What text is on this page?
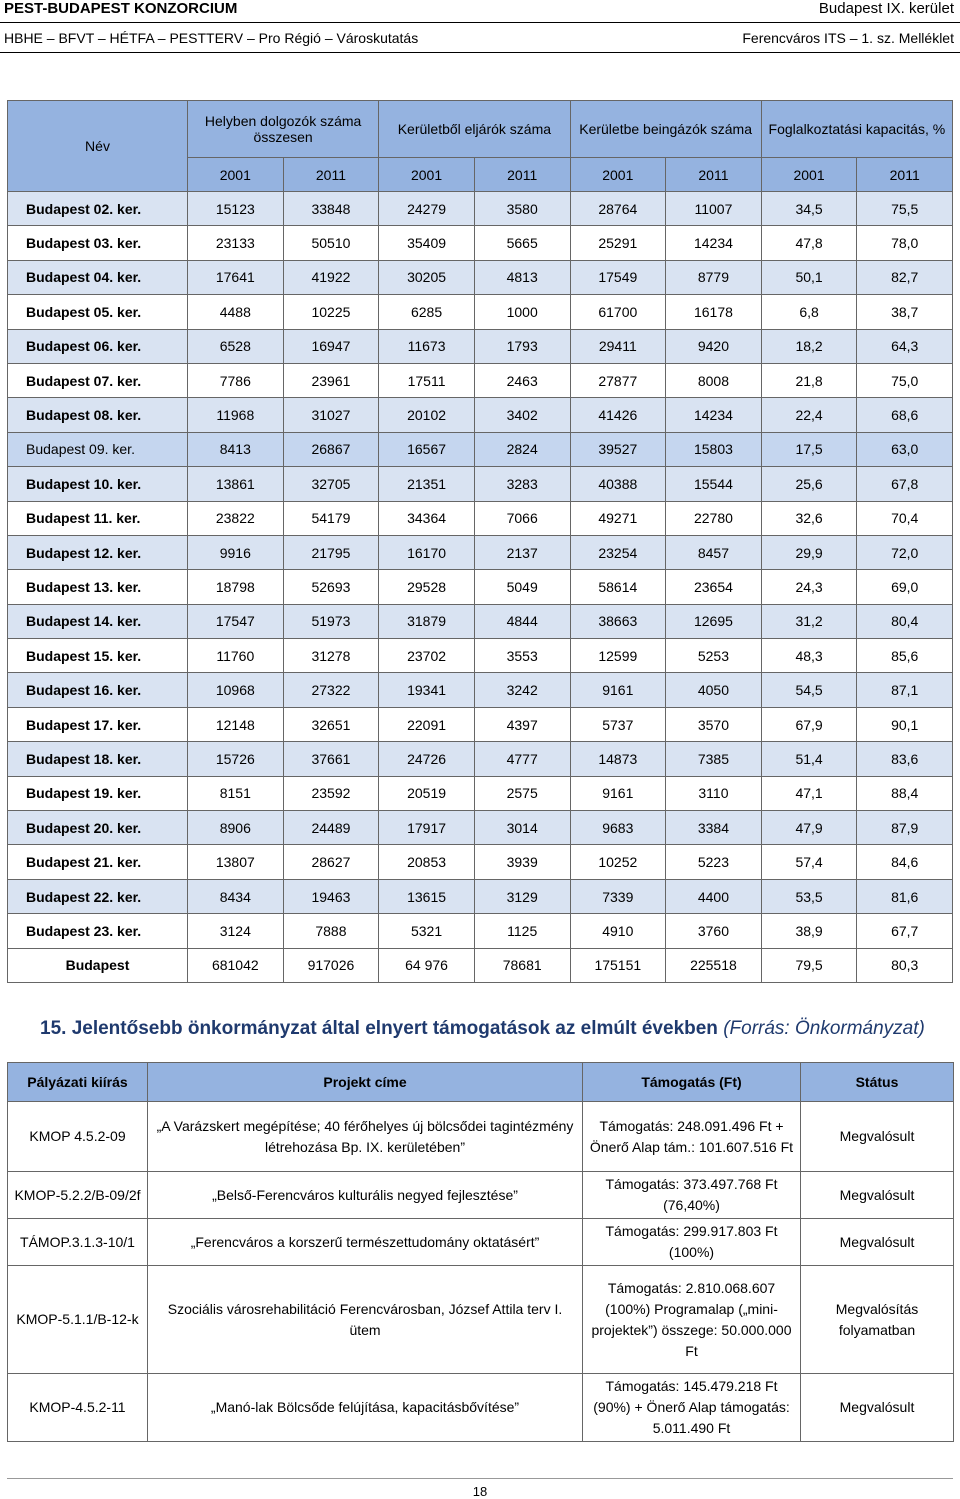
PEST-BUDAPEST KONZORCIUM
HBHE – BFVT – HÉTFA – PESTTERV – Pro Régió – Városkutatás
Budapest IX. kerület
Ferencváros ITS – 1. sz. Melléklet
Név	Helyben dolgozók száma összesen		Kerületből eljárók száma		Kerületbe beingázók száma		Foglalkoztatási kapacitás, %	
	2001	2011	2001	2011	2001	2011	2001	2011
Budapest 02. ker.	15123	33848	24279	3580	28764	11007	34,5	75,5
Budapest 03. ker.	23133	50510	35409	5665	25291	14234	47,8	78,0
Budapest 04. ker.	17641	41922	30205	4813	17549	8779	50,1	82,7
Budapest 05. ker.	4488	10225	6285	1000	61700	16178	6,8	38,7
Budapest 06. ker.	6528	16947	11673	1793	29411	9420	18,2	64,3
Budapest 07. ker.	7786	23961	17511	2463	27877	8008	21,8	75,0
Budapest 08. ker.	11968	31027	20102	3402	41426	14234	22,4	68,6
Budapest 09. ker.	8413	26867	16567	2824	39527	15803	17,5	63,0
Budapest 10. ker.	13861	32705	21351	3283	40388	15544	25,6	67,8
Budapest 11. ker.	23822	54179	34364	7066	49271	22780	32,6	70,4
Budapest 12. ker.	9916	21795	16170	2137	23254	8457	29,9	72,0
Budapest 13. ker.	18798	52693	29528	5049	58614	23654	24,3	69,0
Budapest 14. ker.	17547	51973	31879	4844	38663	12695	31,2	80,4
Budapest 15. ker.	11760	31278	23702	3553	12599	5253	48,3	85,6
Budapest 16. ker.	10968	27322	19341	3242	9161	4050	54,5	87,1
Budapest 17. ker.	12148	32651	22091	4397	5737	3570	67,9	90,1
Budapest 18. ker.	15726	37661	24726	4777	14873	7385	51,4	83,6
Budapest 19. ker.	8151	23592	20519	2575	9161	3110	47,1	88,4
Budapest 20. ker.	8906	24489	17917	3014	9683	3384	47,9	87,9
Budapest 21. ker.	13807	28627	20853	3939	10252	5223	57,4	84,6
Budapest 22. ker.	8434	19463	13615	3129	7339	4400	53,5	81,6
Budapest 23. ker.	3124	7888	5321	1125	4910	3760	38,9	67,7
Budapest	681042	917026	64 976	78681	175151	225518	79,5	80,3
15. Jelentősebb önkormányzat által elnyert támogatások az elmúlt években (Forrás: Önkormányzat)
Pályázati kiírás	Projekt címe	Támogatás (Ft)	Státus
KMOP 4.5.2-09	„A Varázskert megépítése; 40 férőhelyes új bölcsődei tagintézmény létrehozása Bp. IX. kerületében”	Támogatás: 248.091.496 Ft + Önerő Alap tám.: 101.607.516 Ft	Megvalósult
KMOP-5.2.2/B-09/2f	„Belső-Ferencváros kulturális negyed fejlesztése”	Támogatás: 373.497.768 Ft (76,40%)	Megvalósult
TÁMOP.3.1.3-10/1	„Ferencváros a korszerű természettudomány oktatásért”	Támogatás: 299.917.803 Ft (100%)	Megvalósult
KMOP-5.1.1/B-12-k	Szociális városrehabilitáció Ferencvárosban, József Attila terv I. ütem	Támogatás: 2.810.068.607 (100%) Programalap („mini-projektek”) összege: 50.000.000 Ft	Megvalósítás folyamatban
KMOP-4.5.2-11	„Manó-lak Bölcsőde felújítása, kapacitásbővítése”	Támogatás: 145.479.218 Ft (90%) + Önerő Alap támogatás: 5.011.490 Ft	Megvalósult
18
